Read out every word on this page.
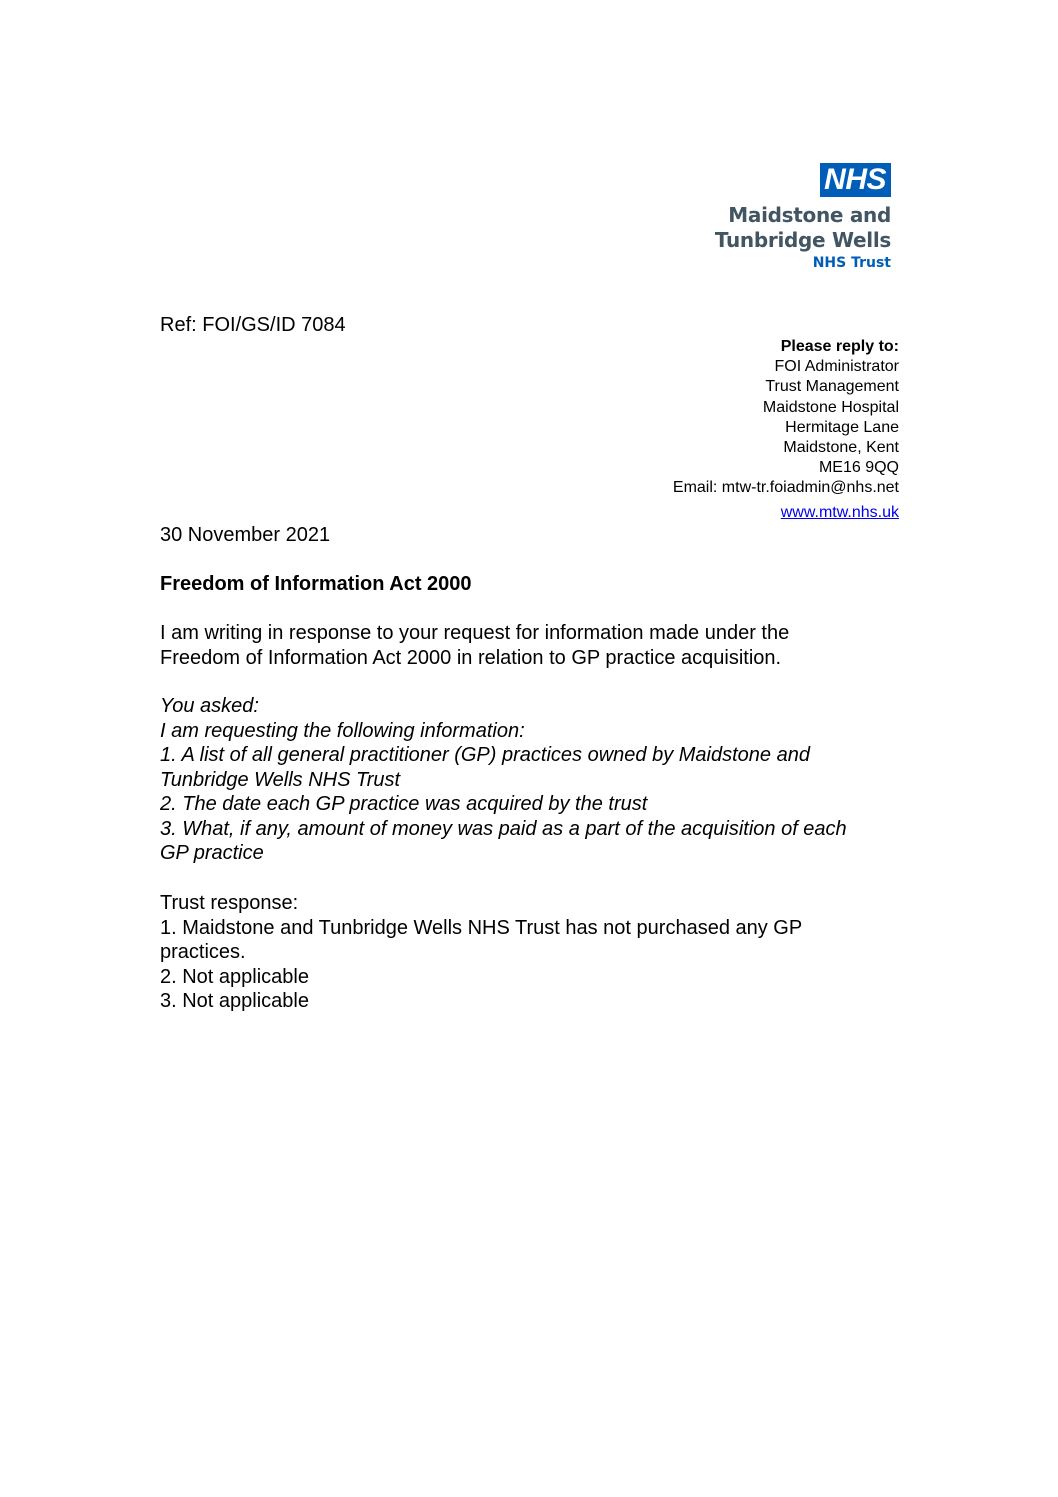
NHS
Maidstone and
Tunbridge Wells
NHS Trust
Ref: FOI/GS/ID 7084
Please reply to:
FOI Administrator
Trust Management
Maidstone Hospital
Hermitage Lane
Maidstone, Kent
ME16 9QQ
Email: mtw-tr.foiadmin@nhs.net
www.mtw.nhs.uk
30 November 2021
Freedom of Information Act 2000

I am writing in response to your request for information made under the

Freedom of Information Act 2000 in relation to GP practice acquisition.

You asked:

I am requesting the following information:

1. A list of all general practitioner (GP) practices owned by Maidstone and

Tunbridge Wells NHS Trust

2. The date each GP practice was acquired by the trust

3. What, if any, amount of money was paid as a part of the acquisition of each

GP practice

Trust response:

1. Maidstone and Tunbridge Wells NHS Trust has not purchased any GP

practices.

2. Not applicable

3. Not applicable
